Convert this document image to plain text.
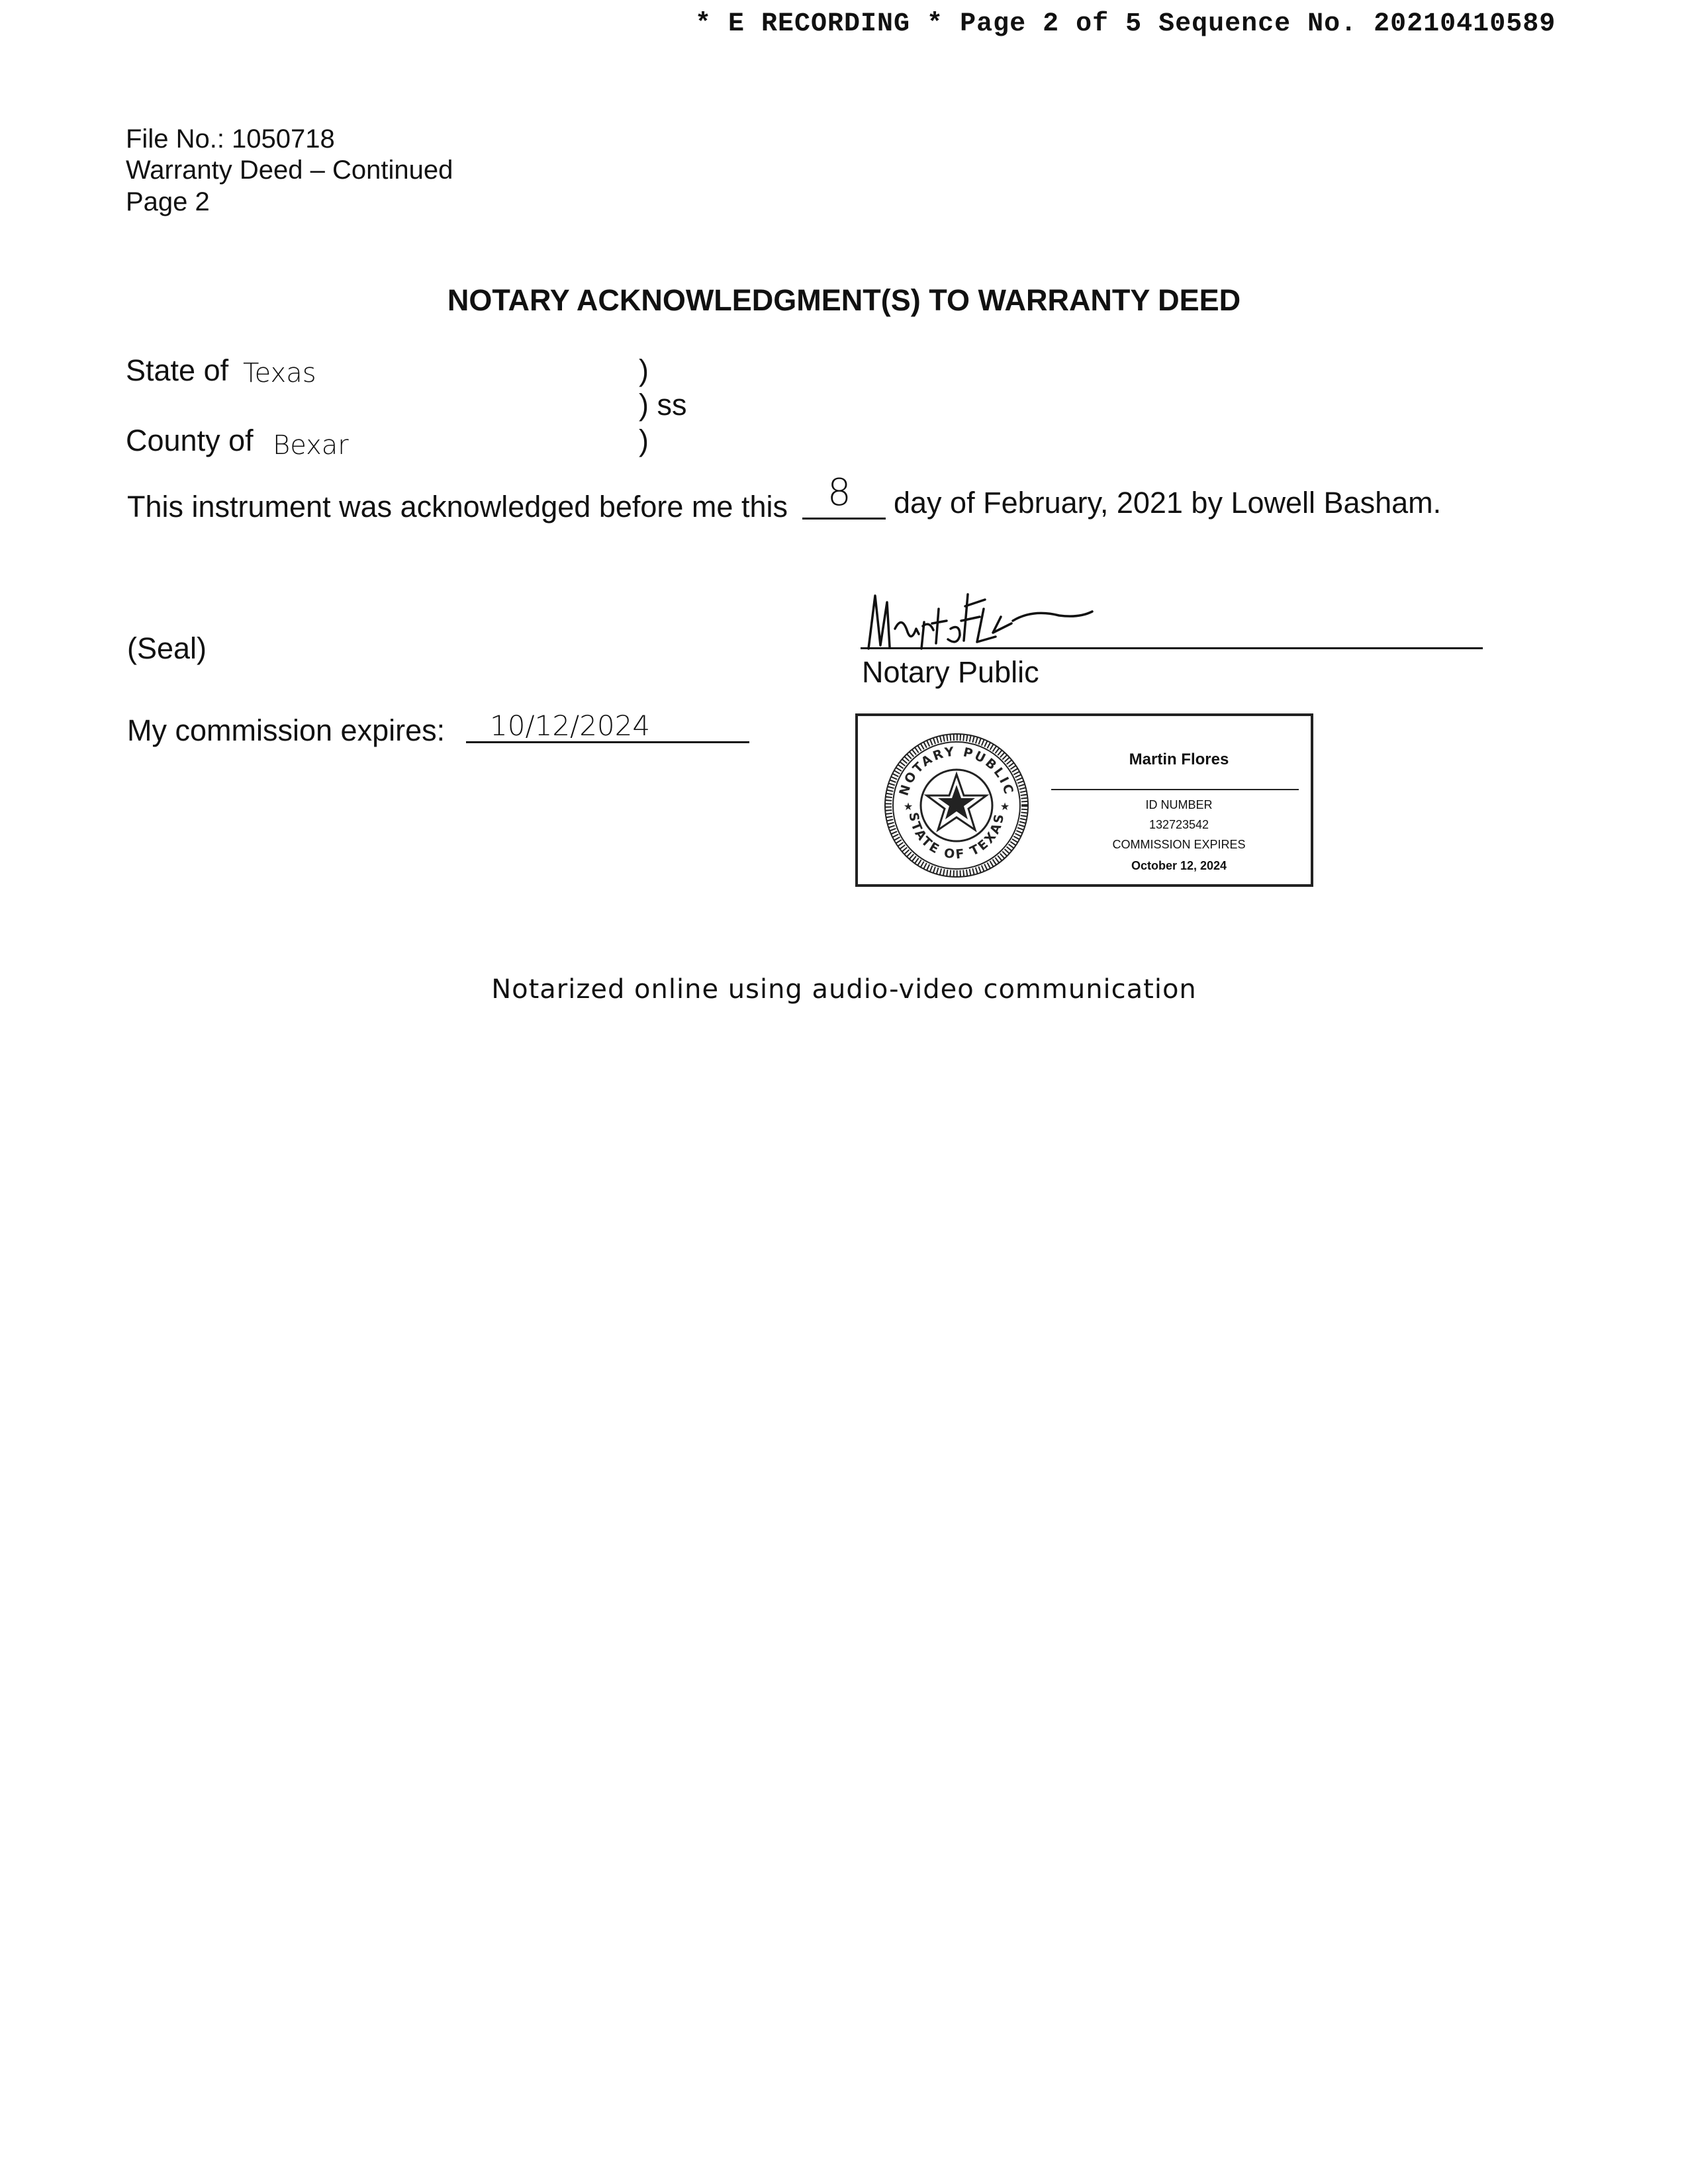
* E RECORDING * Page 2 of 5 Sequence No. 20210410589
File No.: 1050718
Warranty Deed – Continued
Page 2
NOTARY ACKNOWLEDGMENT(S) TO WARRANTY DEED
State of Texas	)
) ss
County of Bexar	)
This instrument was acknowledged before me this 8 day of February, 2021 by Lowell Basham.
(Seal)
Notary Public
My commission expires: 10/12/2024
NOTARY PUBLIC
STATE OF TEXAS
★	★
Martin Flores
ID NUMBER
132723542
COMMISSION EXPIRES
October 12, 2024
Notarized online using audio-video communication
